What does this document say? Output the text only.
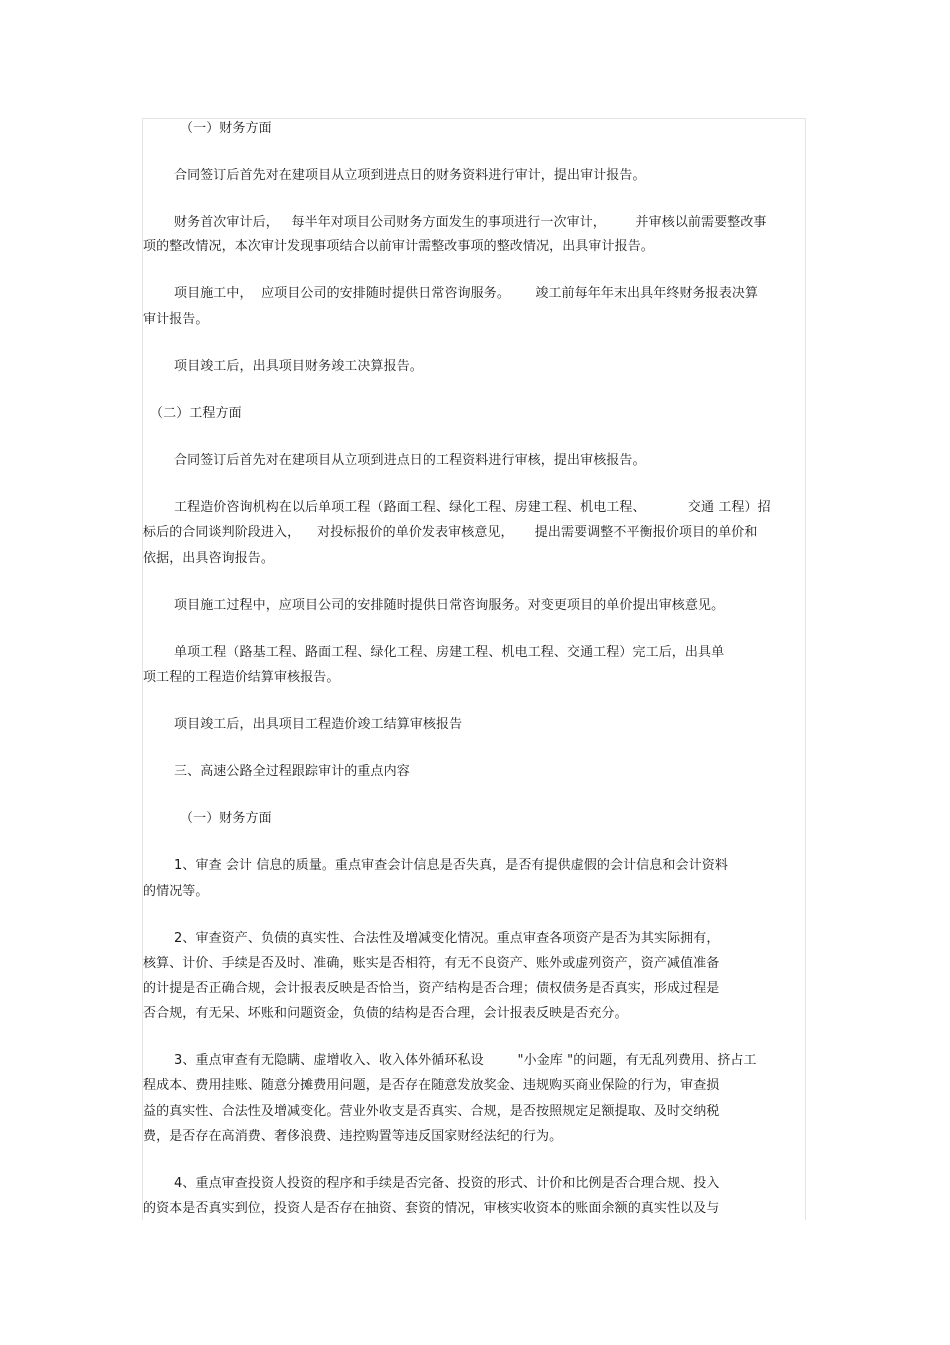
（一）财务方面
合同签订后首先对在建项目从立项到进点日的财务资料进行审计，提出审计报告。
财务首次审计后，   每半年对项目公司财务方面发生的事项进行一次审计，       并审核以前需要整改事
项的整改情况，本次审计发现事项结合以前审计需整改事项的整改情况，出具审计报告。
项目施工中，  应项目公司的安排随时提供日常咨询服务。      竣工前每年年末出具年终财务报表决算
审计报告。
项目竣工后，出具项目财务竣工决算报告。
（二）工程方面
合同签订后首先对在建项目从立项到进点日的工程资料进行审核，提出审核报告。
工程造价咨询机构在以后单项工程（路面工程、绿化工程、房建工程、机电工程、          交通 工程）招
标后的合同谈判阶段进入，    对投标报价的单价发表审核意见，     提出需要调整不平衡报价项目的单价和
依据，出具咨询报告。
项目施工过程中，应项目公司的安排随时提供日常咨询服务。对变更项目的单价提出审核意见。
单项工程（路基工程、路面工程、绿化工程、房建工程、机电工程、交通工程）完工后，出具单
项工程的工程造价结算审核报告。
项目竣工后，出具项目工程造价竣工结算审核报告
三、高速公路全过程跟踪审计的重点内容
（一）财务方面
1、审查 会计 信息的质量。重点审查会计信息是否失真，是否有提供虚假的会计信息和会计资料
的情况等。
2、审查资产、负债的真实性、合法性及增减变化情况。重点审查各项资产是否为其实际拥有，
核算、计价、手续是否及时、准确，账实是否相符，有无不良资产、账外或虚列资产，资产减值准备
的计提是否正确合规，会计报表反映是否恰当，资产结构是否合理；债权债务是否真实，形成过程是
否合规，有无呆、坏账和问题资金，负债的结构是否合理，会计报表反映是否充分。
3、重点审查有无隐瞒、虚增收入、收入体外循环私设        "小金库 "的问题，有无乱列费用、挤占工
程成本、费用挂账、随意分摊费用问题，是否存在随意发放奖金、违规购买商业保险的行为，审查损
益的真实性、合法性及增减变化。营业外收支是否真实、合规，是否按照规定足额提取、及时交纳税
费，是否存在高消费、奢侈浪费、违控购置等违反国家财经法纪的行为。
4、重点审查投资人投资的程序和手续是否完备、投资的形式、计价和比例是否合理合规、投入
的资本是否真实到位，投资人是否存在抽资、套资的情况，审核实收资本的账面余额的真实性以及与
